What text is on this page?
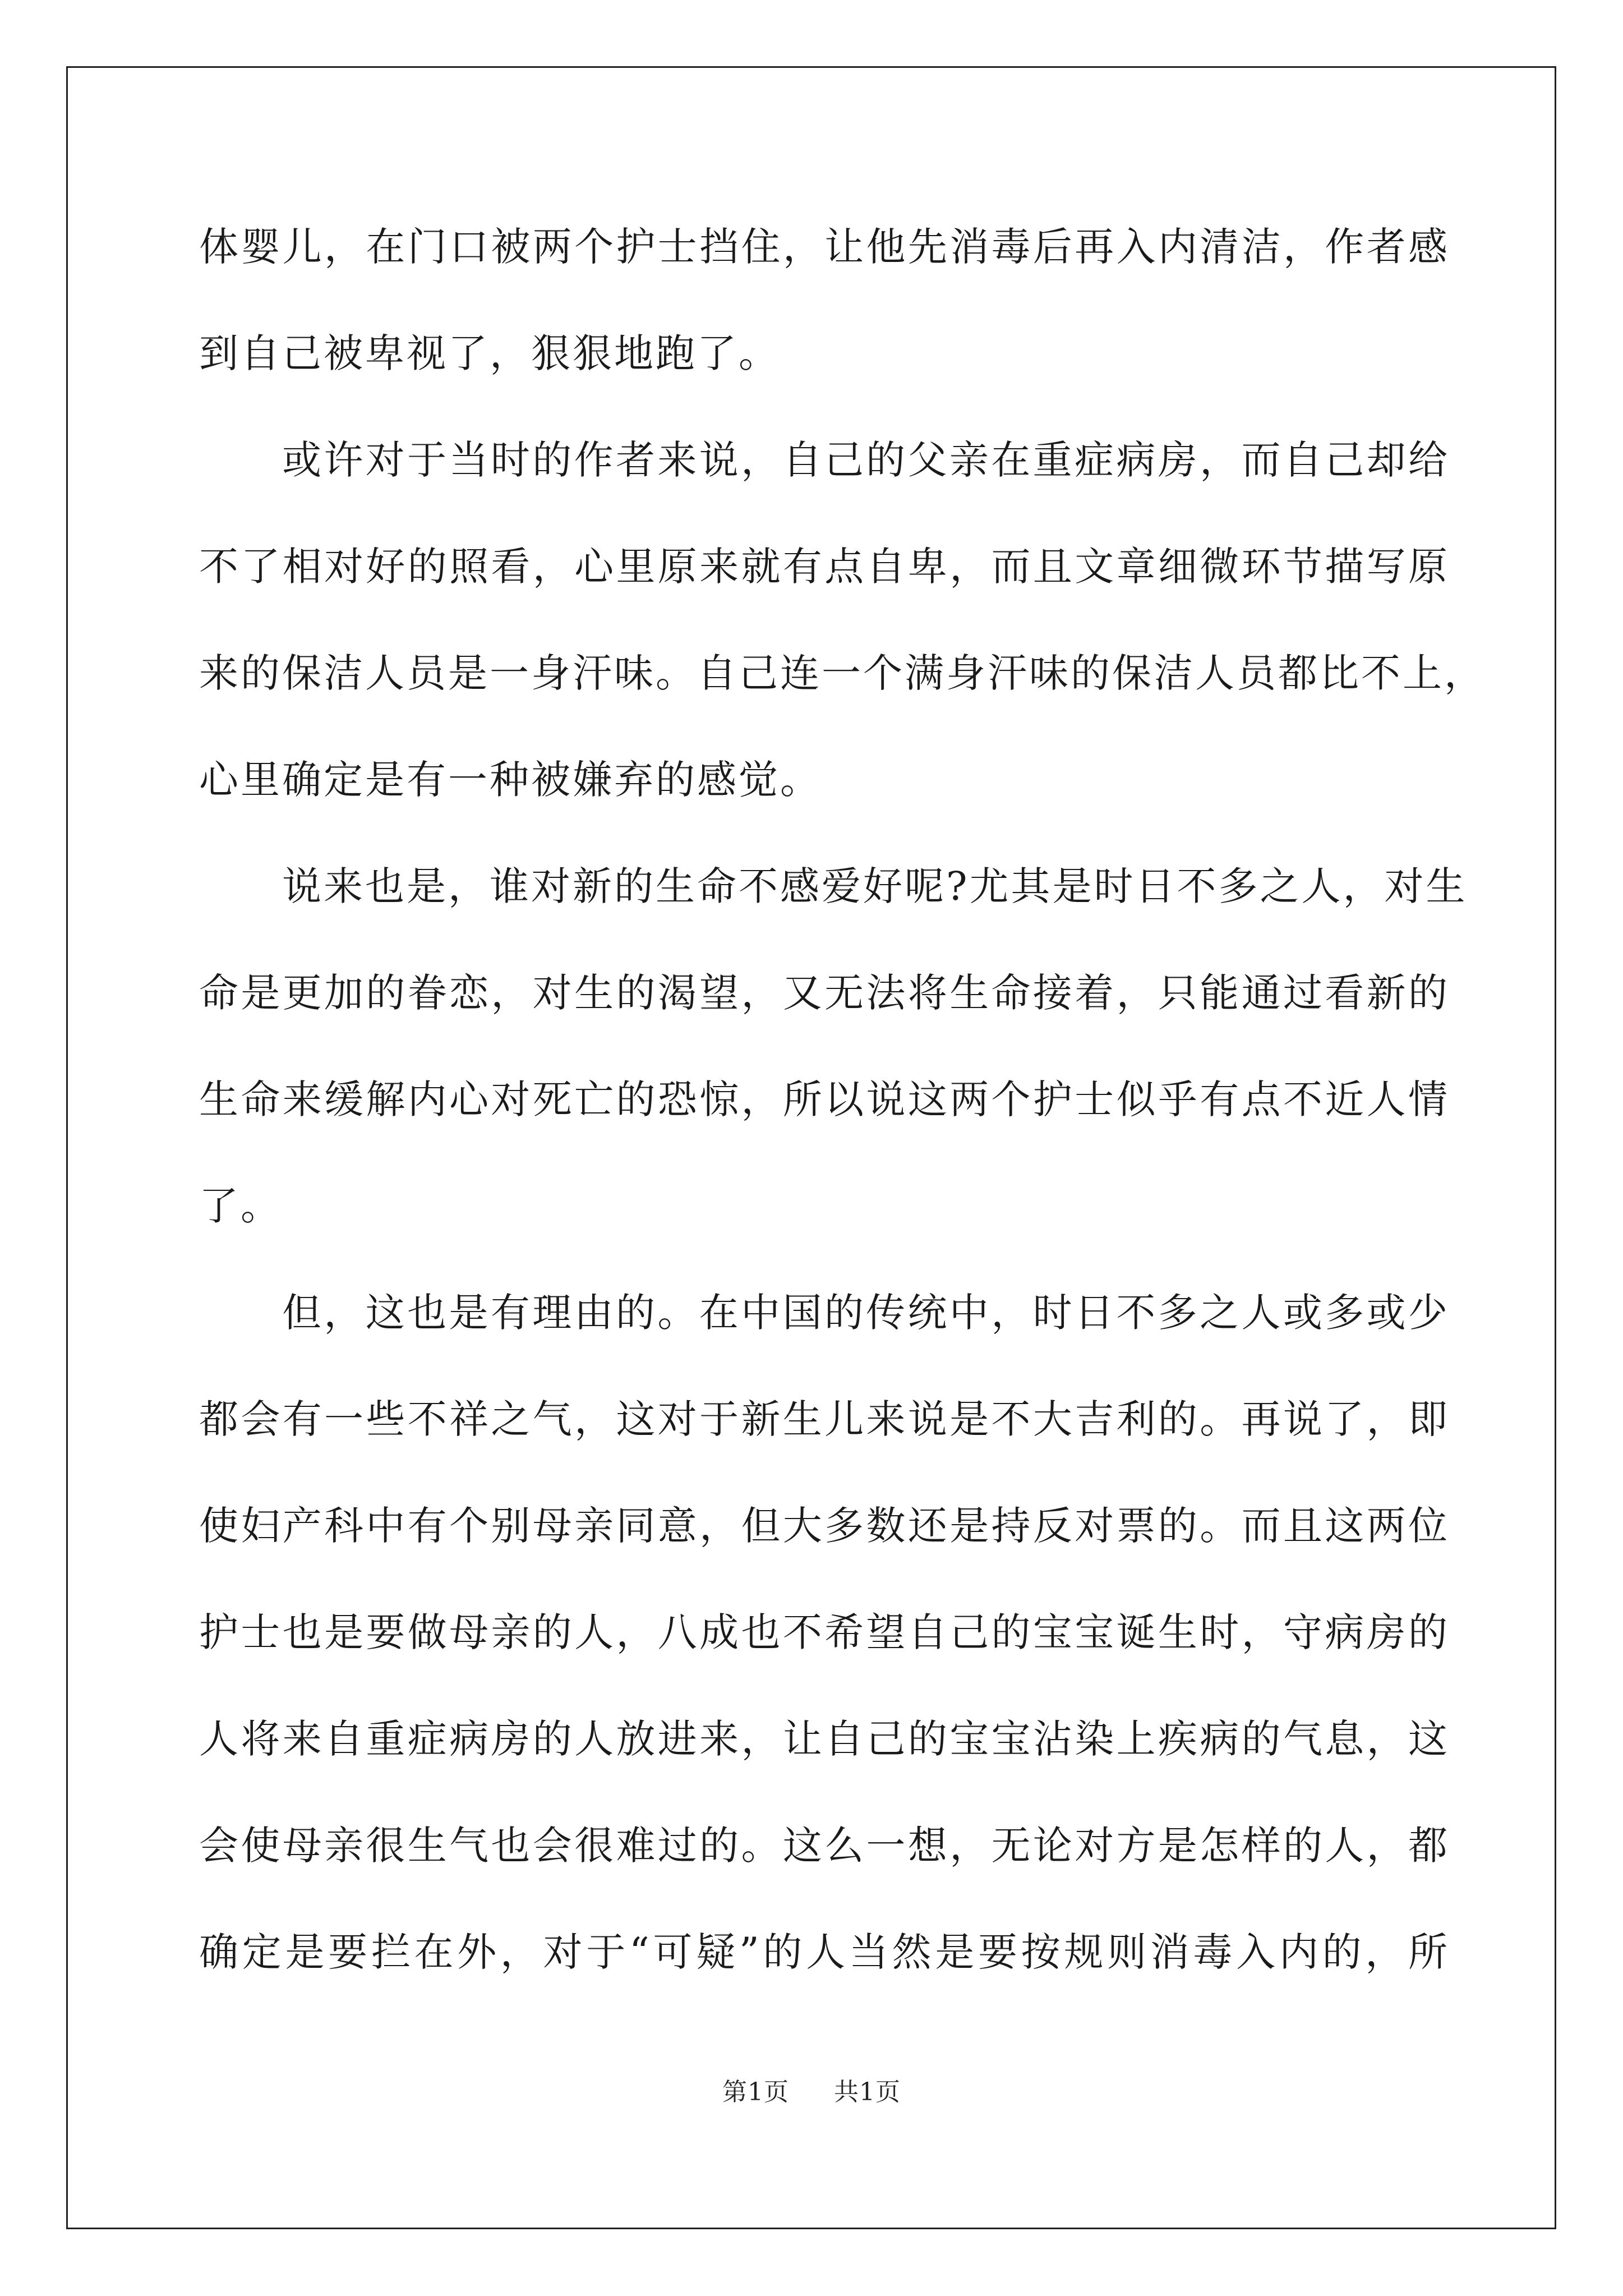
体婴儿，在门口被两个护士挡住，让他先消毒后再入内清洁，作者感
到自己被卑视了，狠狠地跑了。
或许对于当时的作者来说，自己的父亲在重症病房，而自己却给
不了相对好的照看，心里原来就有点自卑，而且文章细微环节描写原
来的保洁人员是一身汗味。自己连一个满身汗味的保洁人员都比不上，
心里确定是有一种被嫌弃的感觉。
说来也是，谁对新的生命不感爱好呢?尤其是时日不多之人，对生
命是更加的眷恋，对生的渴望，又无法将生命接着，只能通过看新的
生命来缓解内心对死亡的恐惊，所以说这两个护士似乎有点不近人情
了。
但，这也是有理由的。在中国的传统中，时日不多之人或多或少
都会有一些不祥之气，这对于新生儿来说是不大吉利的。再说了，即
使妇产科中有个别母亲同意，但大多数还是持反对票的。而且这两位
护士也是要做母亲的人，八成也不希望自己的宝宝诞生时，守病房的
人将来自重症病房的人放进来，让自己的宝宝沾染上疾病的气息，这
会使母亲很生气也会很难过的。这么一想，无论对方是怎样的人，都
确定是要拦在外，对于“可疑”的人当然是要按规则消毒入内的，所
第1页 共1页
